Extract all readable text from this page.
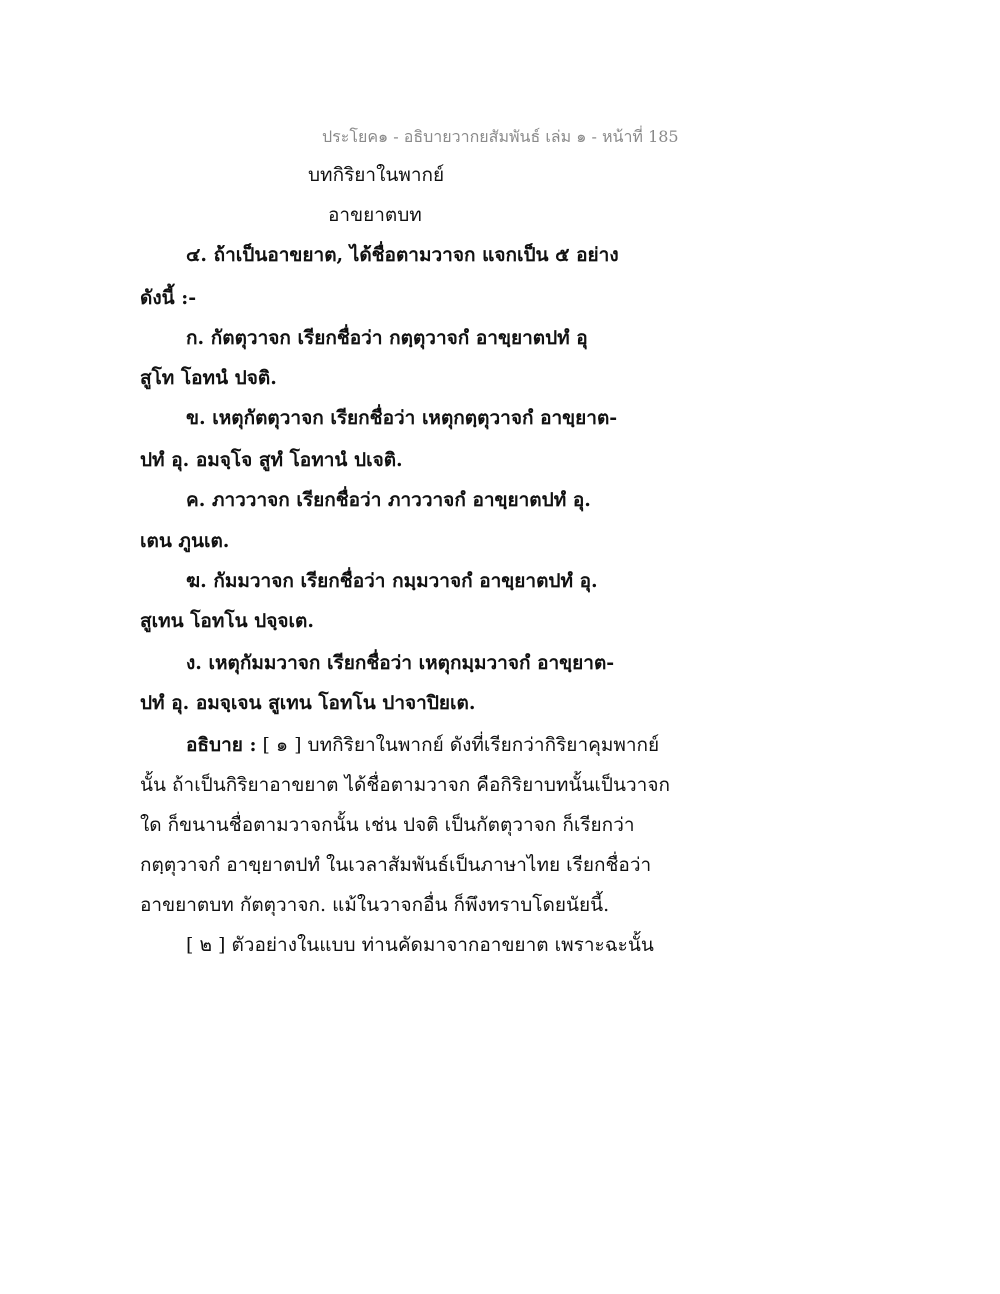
ประโยค๑ - อธิบายวากยสัมพันธ์ เล่ม ๑ - หน้าที่ 185
บทกิริยาในพากย์
อาขยาตบท
๔. ถ้าเป็นอาขยาต, ได้ชื่อตามวาจก แจกเป็น ๕ อย่าง
ดังนี้ :-
ก. กัตตุวาจก เรียกชื่อว่า กตฺตุวาจกํ อาขฺยาตปทํ อุ
สูโท โอทนํ ปจติ.
ข. เหตุกัตตุวาจก เรียกชื่อว่า เหตุกตฺตุวาจกํ อาขฺยาต-
ปทํ อุ. อมจฺโจ สูทํ โอทานํ ปเจติ.
ค. ภาววาจก เรียกชื่อว่า ภาววาจกํ อาขฺยาตปทํ อุ.
เตน ภูนเต.
ฆ. กัมมวาจก เรียกชื่อว่า กมฺมวาจกํ อาขฺยาตปทํ อุ.
สูเทน โอทโน ปจฺจเต.
ง. เหตุกัมมวาจก เรียกชื่อว่า เหตุกมฺมวาจกํ อาขฺยาต-
ปทํ อุ. อมจฺเจน สูเทน โอทโน ปาจาปิยเต.
อธิบาย : [ ๑ ] บทกิริยาในพากย์ ดังที่เรียกว่ากิริยาคุมพากย์
นั้น ถ้าเป็นกิริยาอาขยาต ได้ชื่อตามวาจก คือกิริยาบทนั้นเป็นวาจก
ใด ก็ขนานชื่อตามวาจกนั้น เช่น ปจติ เป็นกัตตุวาจก ก็เรียกว่า
กตฺตุวาจกํ อาขฺยาตปทํ ในเวลาสัมพันธ์เป็นภาษาไทย เรียกชื่อว่า
อาขยาตบท กัตตุวาจก. แม้ในวาจกอื่น ก็พึงทราบโดยนัยนี้.
[ ๒ ] ตัวอย่างในแบบ ท่านคัดมาจากอาขยาต เพราะฉะนั้น
